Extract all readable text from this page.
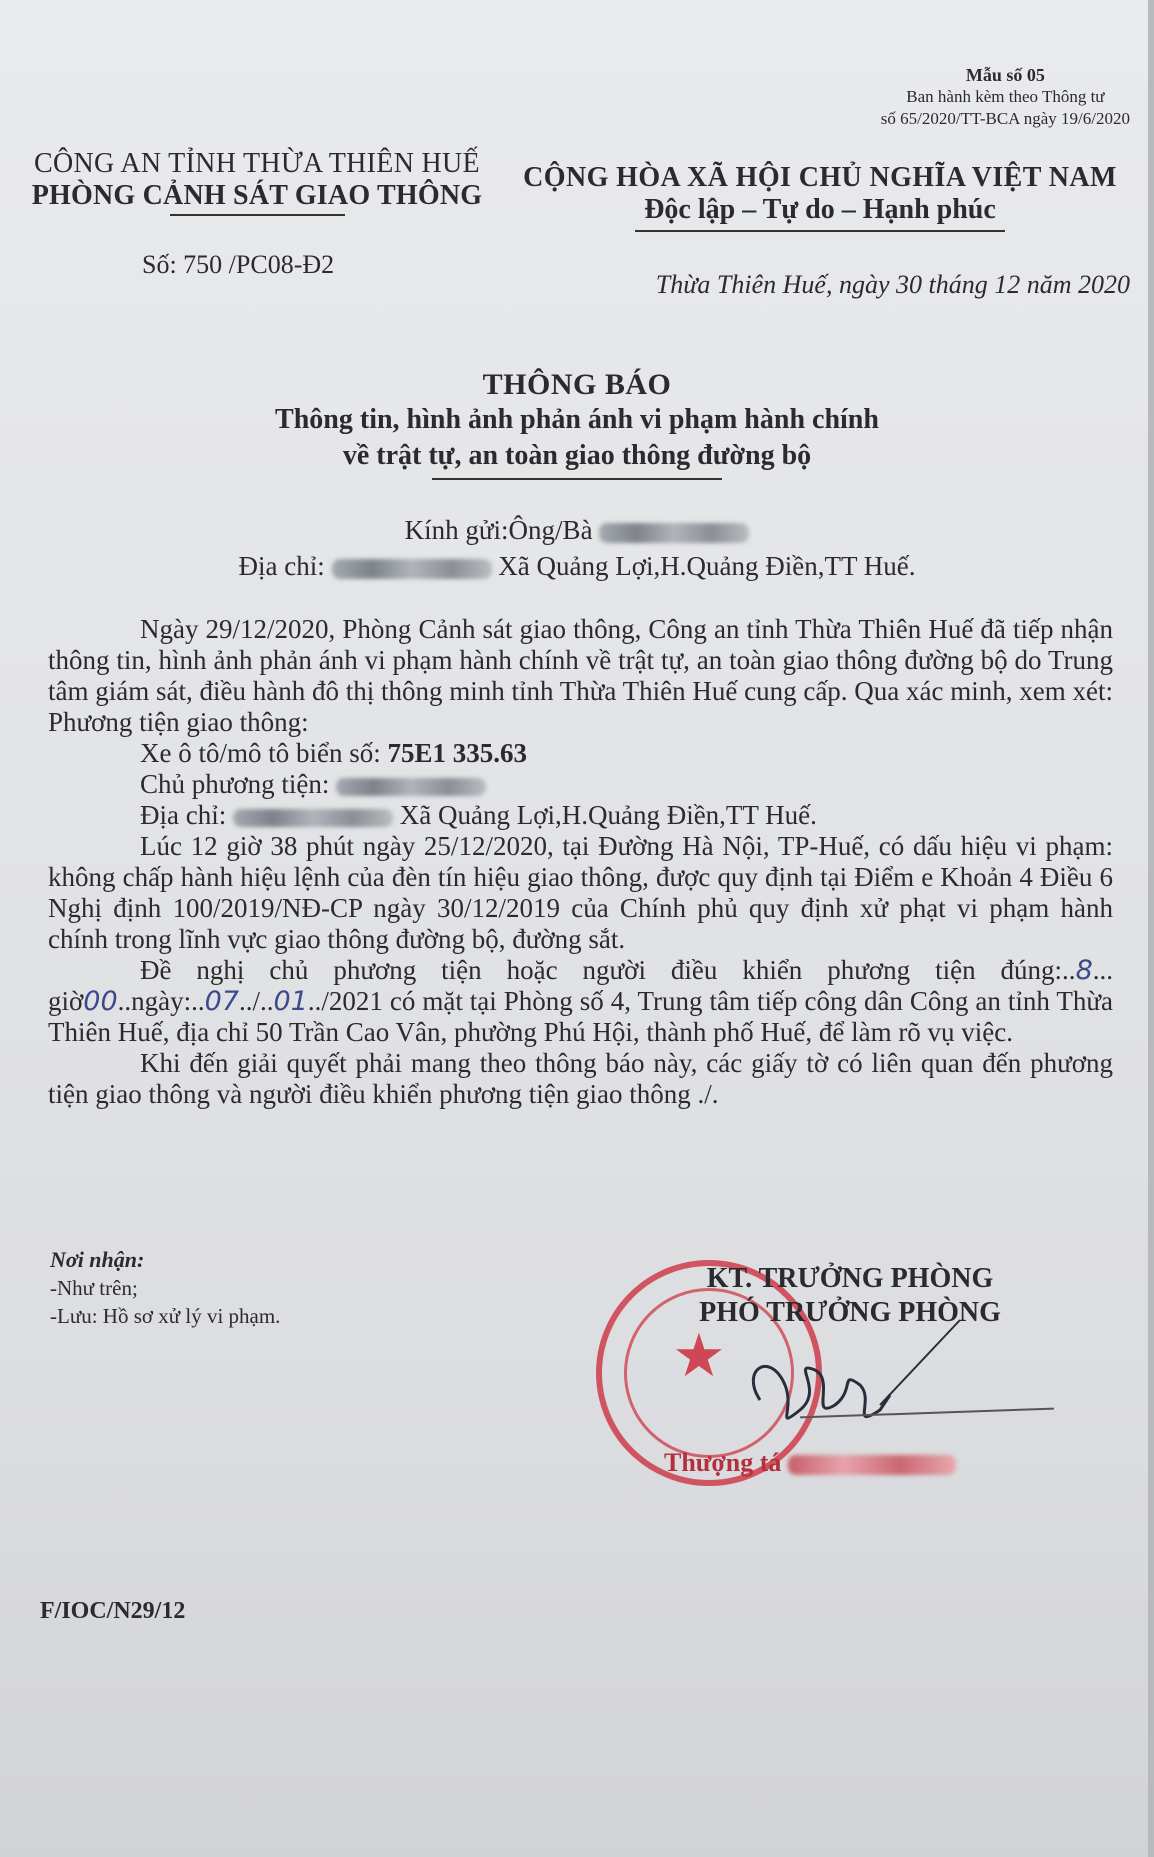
Mẫu số 05
Ban hành kèm theo Thông tư
số 65/2020/TT-BCA ngày 19/6/2020
CÔNG AN TỈNH THỪA THIÊN HUẾ
PHÒNG CẢNH SÁT GIAO THÔNG
Số: 750 /PC08-Đ2
CỘNG HÒA XÃ HỘI CHỦ NGHĨA VIỆT NAM
Độc lập – Tự do – Hạnh phúc
Thừa Thiên Huế, ngày 30 tháng 12 năm 2020
THÔNG BÁO
Thông tin, hình ảnh phản ánh vi phạm hành chính
về trật tự, an toàn giao thông đường bộ
Kính gửi:Ông/Bà
Địa chỉ:	Xã Quảng Lợi,H.Quảng Điền,TT Huế.

Ngày 29/12/2020, Phòng Cảnh sát giao thông, Công an tỉnh Thừa Thiên Huế đã tiếp nhận thông tin, hình ảnh phản ánh vi phạm hành chính về trật tự, an toàn giao thông đường bộ do Trung tâm giám sát, điều hành đô thị thông minh tỉnh Thừa Thiên Huế cung cấp. Qua xác minh, xem xét: Phương tiện giao thông:

Xe ô tô/mô tô biển số: 75E1 335.63

Chủ phương tiện:

Địa chỉ:	Xã Quảng Lợi,H.Quảng Điền,TT Huế.

Lúc 12 giờ 38 phút ngày 25/12/2020, tại Đường Hà Nội, TP-Huế, có dấu hiệu vi phạm: không chấp hành hiệu lệnh của đèn tín hiệu giao thông, được quy định tại Điểm e Khoản 4 Điều 6 Nghị định 100/2019/NĐ-CP ngày 30/12/2019 của Chính phủ quy định xử phạt vi phạm hành chính trong lĩnh vực giao thông đường bộ, đường sắt.

Đề nghị chủ phương tiện hoặc người điều khiển phương tiện đúng:..8... giờ00..ngày:..07../..01../2021 có mặt tại Phòng số 4, Trung tâm tiếp công dân Công an tỉnh Thừa Thiên Huế, địa chỉ 50 Trần Cao Vân, phường Phú Hội, thành phố Huế, để làm rõ vụ việc.

Khi đến giải quyết phải mang theo thông báo này, các giấy tờ có liên quan đến phương tiện giao thông và người điều khiển phương tiện giao thông ./.

Nơi nhận:
-Như trên;
-Lưu: Hồ sơ xử lý vi phạm.
★
KT. TRƯỞNG PHÒNG
PHÓ TRƯỞNG PHÒNG
Thượng tá
F/IOC/N29/12
